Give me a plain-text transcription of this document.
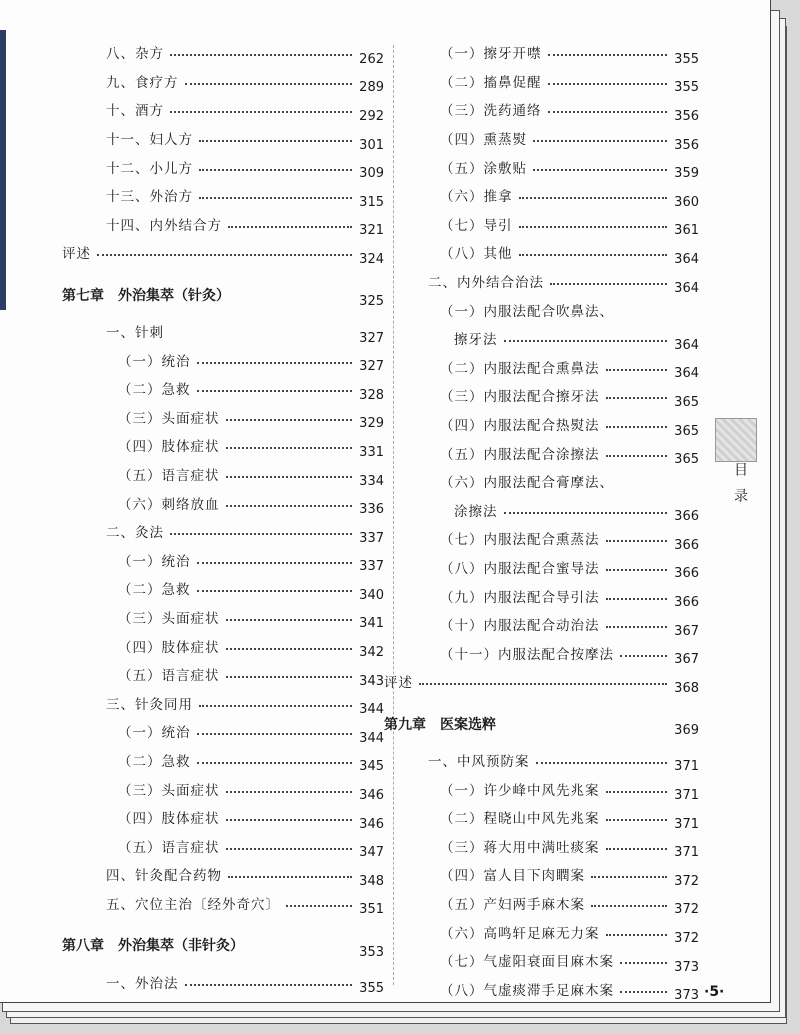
八、杂方	262
九、食疗方	289
十、酒方	292
十一、妇人方	301
十二、小儿方	309
十三、外治方	315
十四、内外结合方	321
评述	324
第七章 外治集萃（针灸）	325
一、针刺	327
（一）统治	327
（二）急救	328
（三）头面症状	329
（四）肢体症状	331
（五）语言症状	334
（六）刺络放血	336
二、灸法	337
（一）统治	337
（二）急救	340
（三）头面症状	341
（四）肢体症状	342
（五）语言症状	343
三、针灸同用	344
（一）统治	344
（二）急救	345
（三）头面症状	346
（四）肢体症状	346
（五）语言症状	347
四、针灸配合药物	348
五、穴位主治〔经外奇穴〕	351
第八章 外治集萃（非针灸）	353
一、外治法	355
（一）擦牙开噤	355
（二）搐鼻促醒	355
（三）洗药通络	356
（四）熏蒸熨	356
（五）涂敷贴	359
（六）推拿	360
（七）导引	361
（八）其他	364
二、内外结合治法	364
（一）内服法配合吹鼻法、
擦牙法	364
（二）内服法配合熏鼻法	364
（三）内服法配合擦牙法	365
（四）内服法配合热熨法	365
（五）内服法配合涂擦法	365
（六）内服法配合膏摩法、
涂擦法	366
（七）内服法配合熏蒸法	366
（八）内服法配合蜜导法	366
（九）内服法配合导引法	366
（十）内服法配合动治法	367
（十一）内服法配合按摩法	367
评述	368
第九章 医案选粹	369
一、中风预防案	371
（一）许少峰中风先兆案	371
（二）程晓山中风先兆案	371
（三）蒋大用中满吐痰案	371
（四）富人目下肉瞤案	372
（五）产妇两手麻木案	372
（六）高鸣轩足麻无力案	372
（七）气虚阳衰面目麻木案	373
（八）气虚痰滞手足麻木案	373
目录
·5·
